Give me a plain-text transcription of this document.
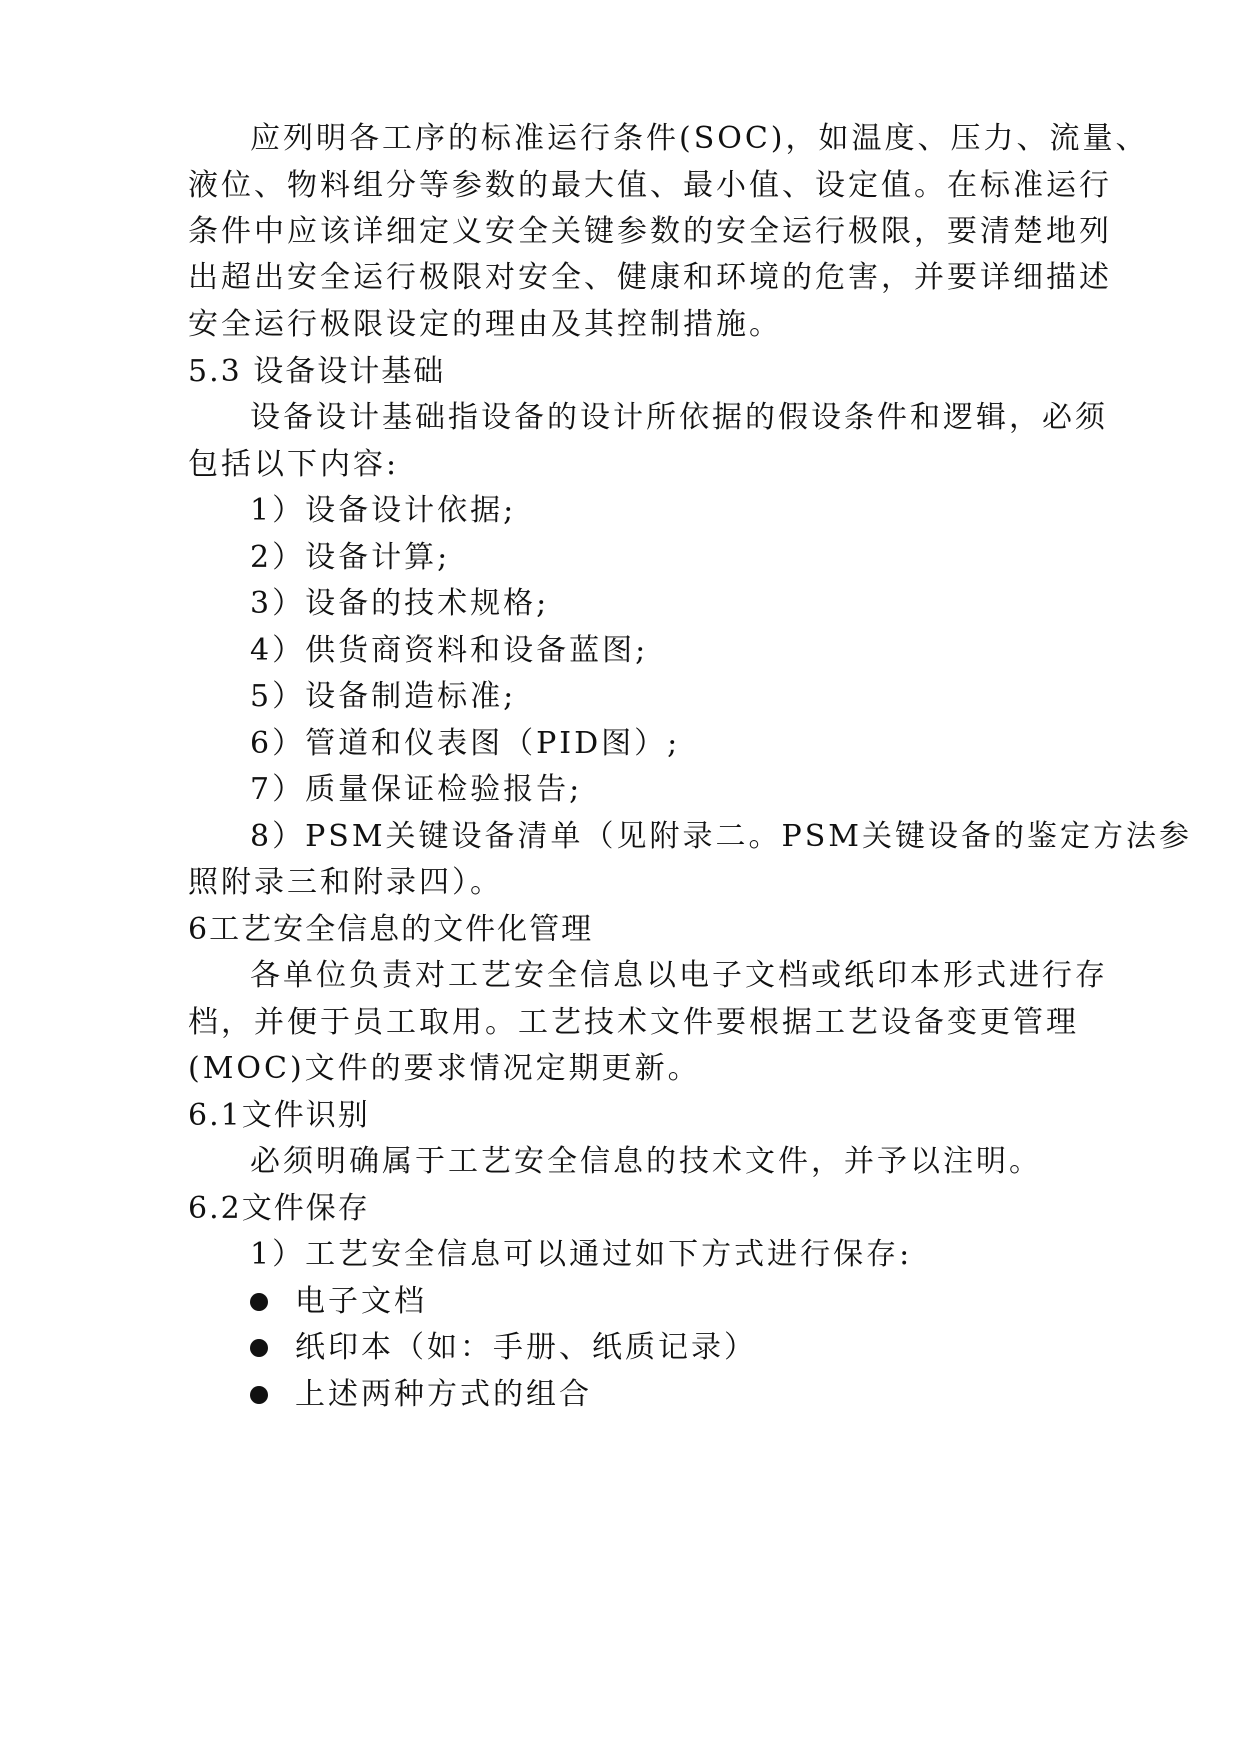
应列明各工序的标准运行条件(SOC)，如温度、压力、流量、
液位、物料组分等参数的最大值、最小值、设定值。在标准运行
条件中应该详细定义安全关键参数的安全运行极限，要清楚地列
出超出安全运行极限对安全、健康和环境的危害，并要详细描述
安全运行极限设定的理由及其控制措施。
5.3 设备设计基础
设备设计基础指设备的设计所依据的假设条件和逻辑，必须
包括以下内容:
1）设备设计依据;
2）设备计算;
3）设备的技术规格;
4）供货商资料和设备蓝图;
5）设备制造标准;
6）管道和仪表图（PID图）;
7）质量保证检验报告;
8）PSM关键设备清单（见附录二。PSM关键设备的鉴定方法参
照附录三和附录四）。
6工艺安全信息的文件化管理
各单位负责对工艺安全信息以电子文档或纸印本形式进行存
档，并便于员工取用。工艺技术文件要根据工艺设备变更管理
(MOC)文件的要求情况定期更新。
6.1文件识别
必须明确属于工艺安全信息的技术文件，并予以注明。
6.2文件保存
1）工艺安全信息可以通过如下方式进行保存:
电子文档
纸印本（如：手册、纸质记录）
上述两种方式的组合
